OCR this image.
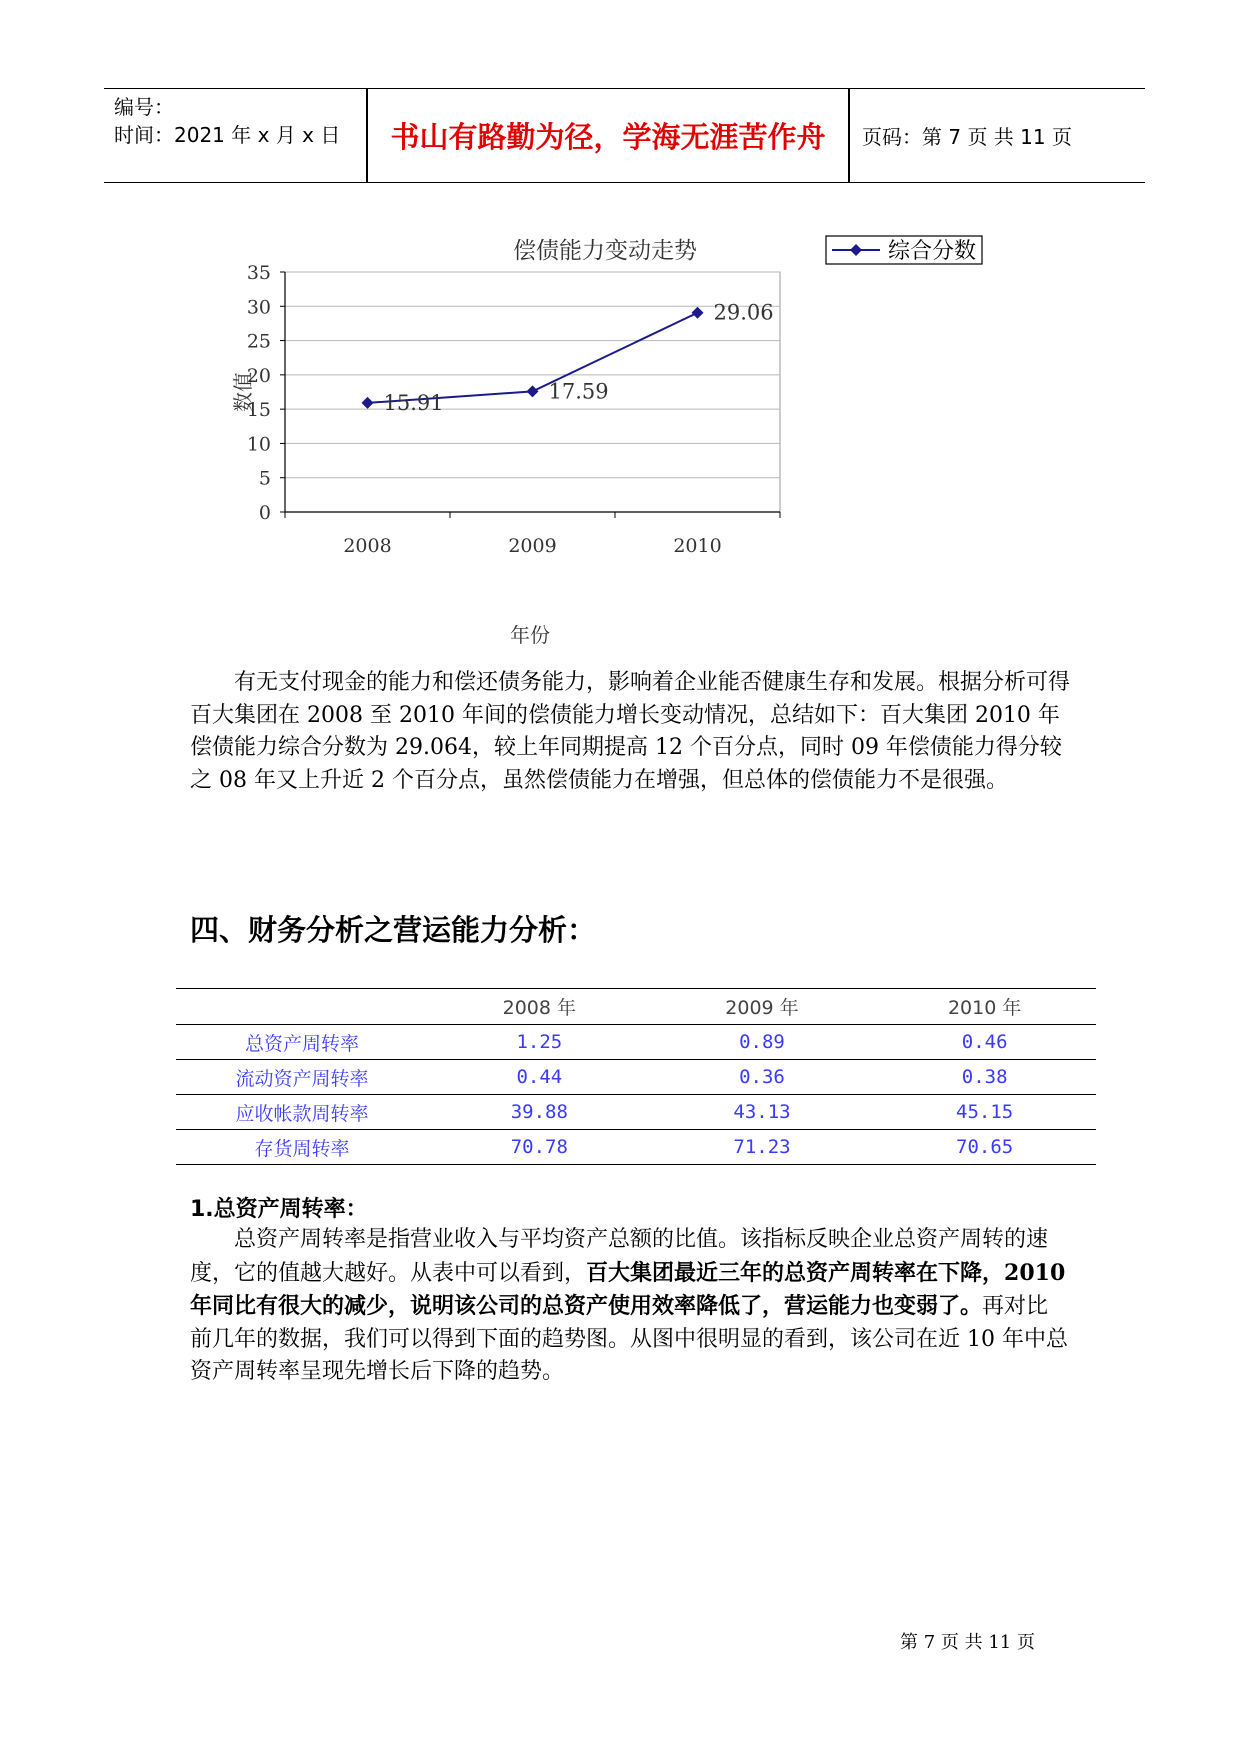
编号：
时间：2021 年 x 月 x 日	书山有路勤为径，学海无涯苦作舟	页码：第 7 页 共 11 页
偿债能力变动走势	综合分数
0
5
10
15
20
25
30
35
2008	2009	2010
15.91	17.59
29.06
数值
年份
有无支付现金的能力和偿还债务能力，影响着企业能否健康生存和发展。根据分析可得百大集团在 2008 至 2010 年间的偿债能力增长变动情况，总结如下：百大集团 2010 年偿债能力综合分数为 29.064，较上年同期提高 12 个百分点，同时 09 年偿债能力得分较之 08 年又上升近 2 个百分点，虽然偿债能力在增强，但总体的偿债能力不是很强。
四、财务分析之营运能力分析：
	2008 年	2009 年	2010 年
总资产周转率	1.25	0.89	0.46
流动资产周转率	0.44	0.36	0.38
应收帐款周转率	39.88	43.13	45.15
存货周转率	70.78	71.23	70.65
1.总资产周转率：
总资产周转率是指营业收入与平均资产总额的比值。该指标反映企业总资产周转的速度，它的值越大越好。从表中可以看到，百大集团最近三年的总资产周转率在下降，2010 年同比有很大的减少，说明该公司的总资产使用效率降低了，营运能力也变弱了。再对比前几年的数据，我们可以得到下面的趋势图。从图中很明显的看到，该公司在近 10 年中总资产周转率呈现先增长后下降的趋势。
第 7 页 共 11 页
